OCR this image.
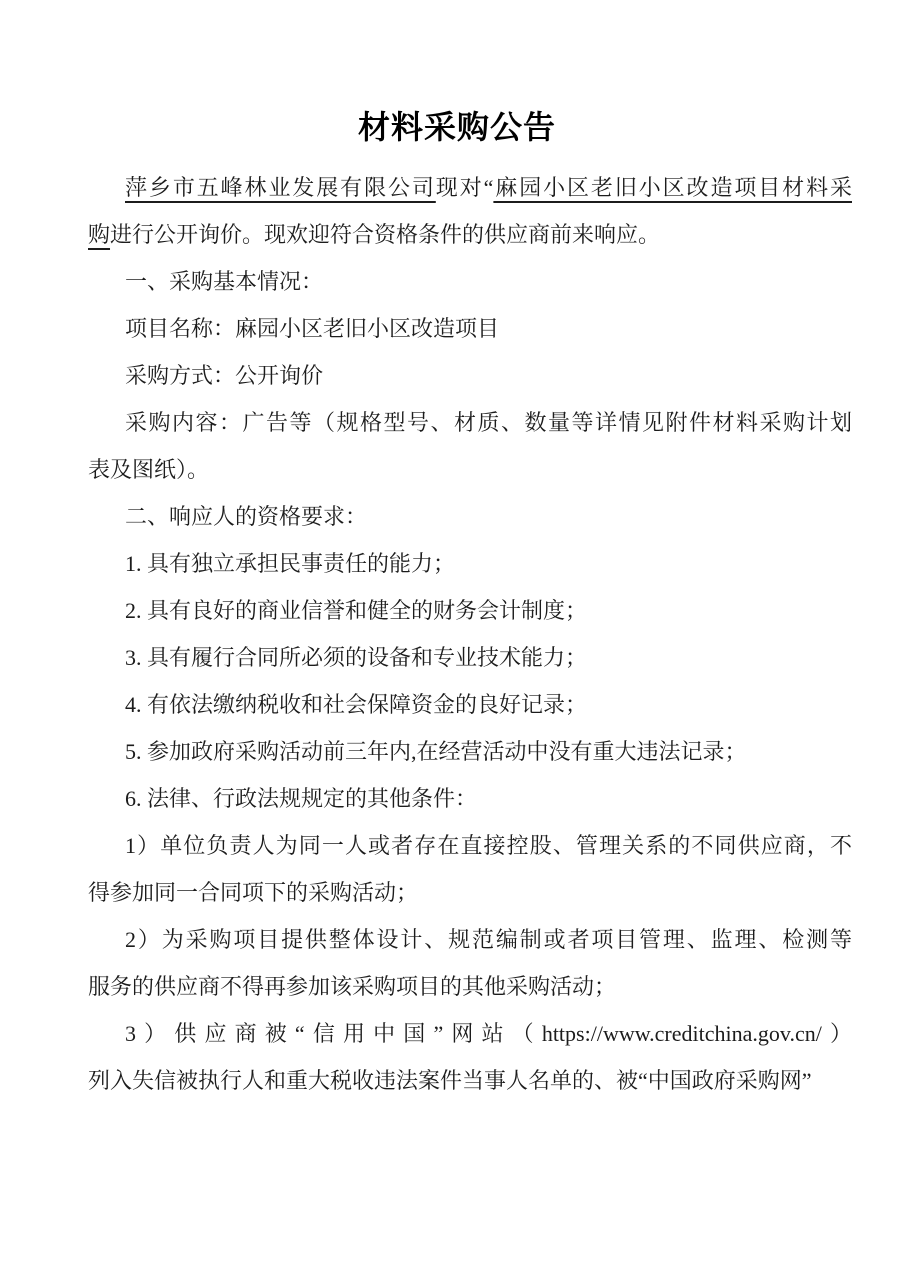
材料采购公告
萍乡市五峰林业发展有限公司现对“麻园小区老旧小区改造项目材料采
购进行公开询价。现欢迎符合资格条件的供应商前来响应。
一、采购基本情况：
项目名称：麻园小区老旧小区改造项目
采购方式：公开询价
采购内容：广告等（规格型号、材质、数量等详情见附件材料采购计划
表及图纸）。
二、响应人的资格要求：
1. 具有独立承担民事责任的能力；
2. 具有良好的商业信誉和健全的财务会计制度；
3. 具有履行合同所必须的设备和专业技术能力；
4. 有依法缴纳税收和社会保障资金的良好记录；
5. 参加政府采购活动前三年内,在经营活动中没有重大违法记录；
6. 法律、行政法规规定的其他条件：
1）单位负责人为同一人或者存在直接控股、管理关系的不同供应商，不
得参加同一合同项下的采购活动；
2）为采购项目提供整体设计、规范编制或者项目管理、监理、检测等
服务的供应商不得再参加该采购项目的其他采购活动；
3）供应商被“信用中国”网站（https://www.creditchina.gov.cn/）
列入失信被执行人和重大税收违法案件当事人名单的、被“中国政府采购网”
